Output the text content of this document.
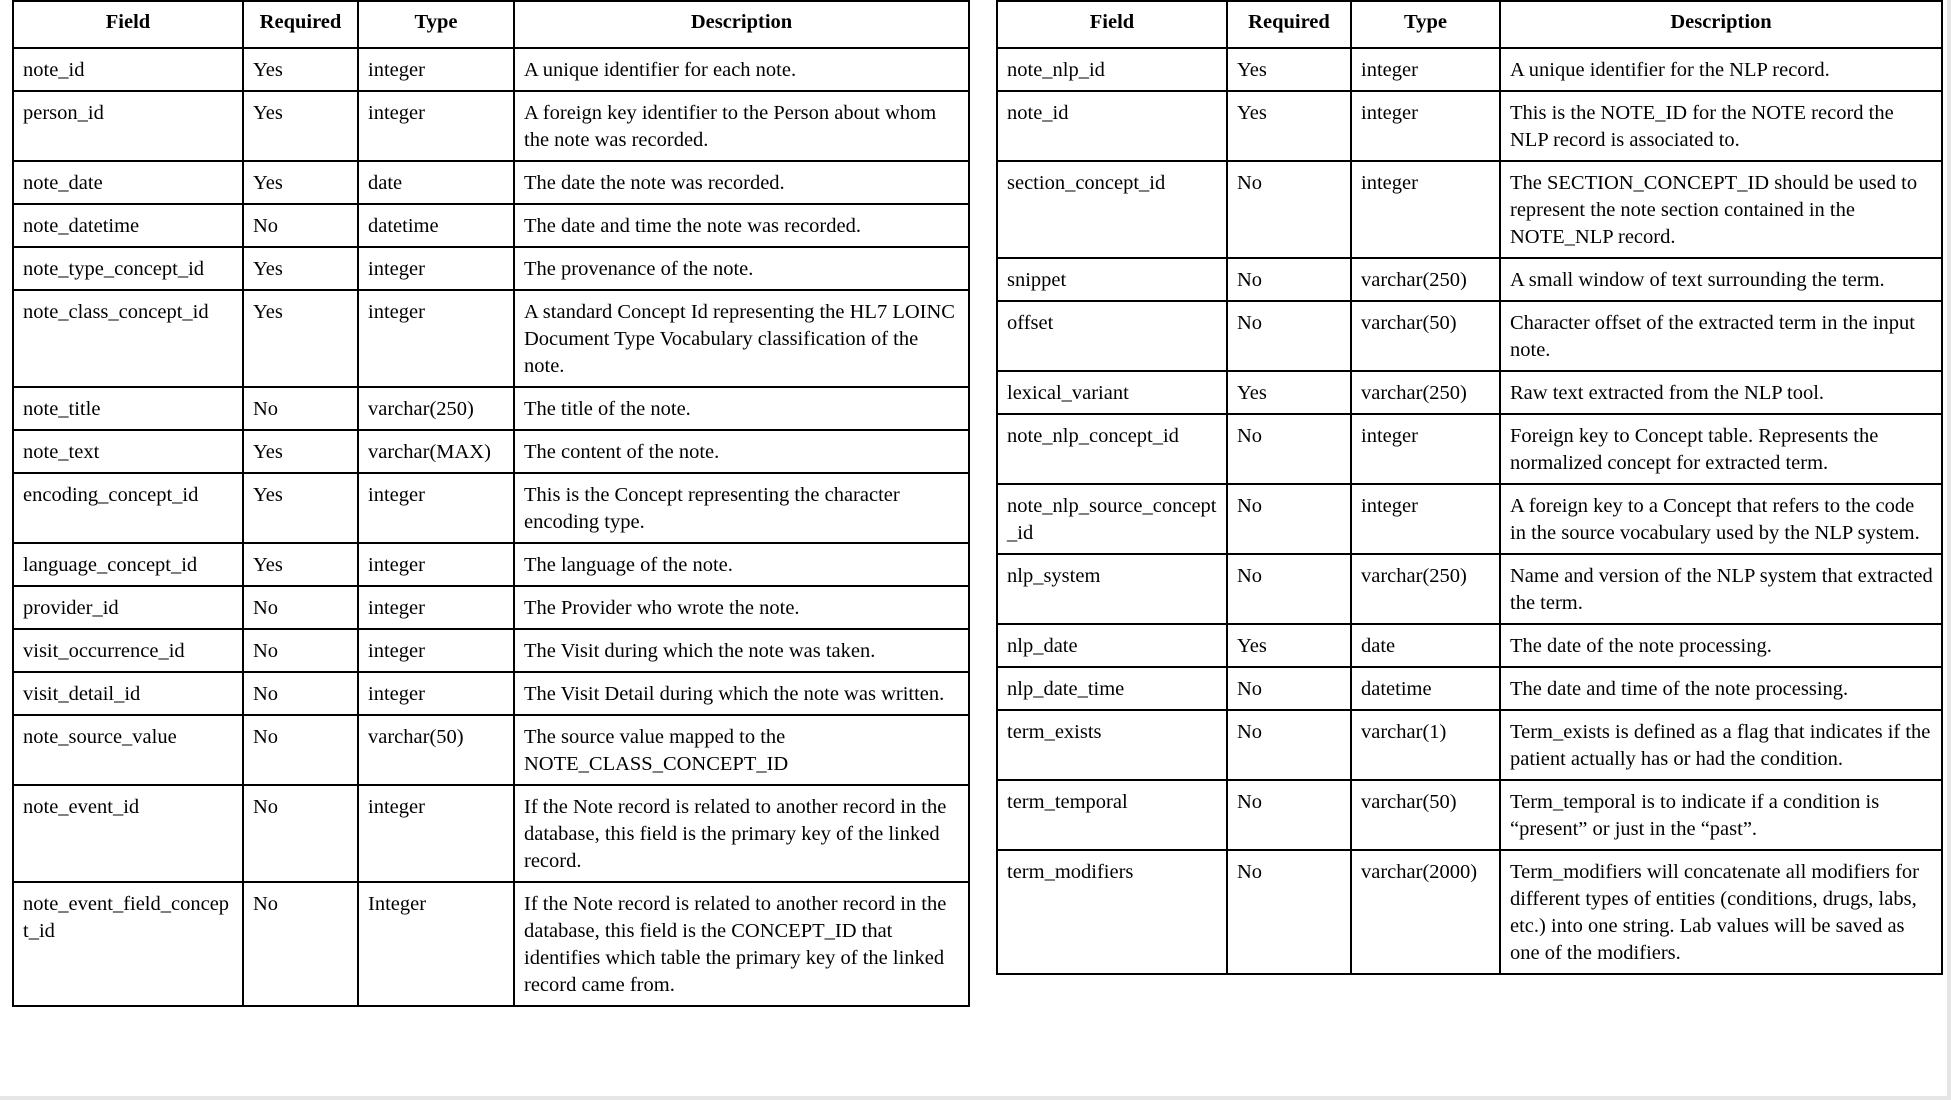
Field	Required	Type	Description
note_id	Yes	integer	A unique identifier for each note.
person_id	Yes	integer	A foreign key identifier to the Person about whom the note was recorded.
note_date	Yes	date	The date the note was recorded.
note_datetime	No	datetime	The date and time the note was recorded.
note_type_concept_id	Yes	integer	The provenance of the note.
note_class_concept_id	Yes	integer	A standard Concept Id representing the HL7 LOINC Document Type Vocabulary classification of the note.
note_title	No	varchar(250)	The title of the note.
note_text	Yes	varchar(MAX)	The content of the note.
encoding_concept_id	Yes	integer	This is the Concept representing the character encoding type.
language_concept_id	Yes	integer	The language of the note.
provider_id	No	integer	The Provider who wrote the note.
visit_occurrence_id	No	integer	The Visit during which the note was taken.
visit_detail_id	No	integer	The Visit Detail during which the note was written.
note_source_value	No	varchar(50)	The source value mapped to the NOTE_CLASS_CONCEPT_ID
note_event_id	No	integer	If the Note record is related to another record in the database, this field is the primary key of the linked record.
note_event_field_concept_id	No	Integer	If the Note record is related to another record in the database, this field is the CONCEPT_ID that identifies which table the primary key of the linked record came from.
Field	Required	Type	Description
note_nlp_id	Yes	integer	A unique identifier for the NLP record.
note_id	Yes	integer	This is the NOTE_ID for the NOTE record the NLP record is associated to.
section_concept_id	No	integer	The SECTION_CONCEPT_ID should be used to represent the note section contained in the NOTE_NLP record.
snippet	No	varchar(250)	A small window of text surrounding the term.
offset	No	varchar(50)	Character offset of the extracted term in the input note.
lexical_variant	Yes	varchar(250)	Raw text extracted from the NLP tool.
note_nlp_concept_id	No	integer	Foreign key to Concept table. Represents the normalized concept for extracted term.
note_nlp_source_concept_id	No	integer	A foreign key to a Concept that refers to the code in the source vocabulary used by the NLP system.
nlp_system	No	varchar(250)	Name and version of the NLP system that extracted the term.
nlp_date	Yes	date	The date of the note processing.
nlp_date_time	No	datetime	The date and time of the note processing.
term_exists	No	varchar(1)	Term_exists is defined as a flag that indicates if the patient actually has or had the condition.
term_temporal	No	varchar(50)	Term_temporal is to indicate if a condition is “present” or just in the “past”.
term_modifiers	No	varchar(2000)	Term_modifiers will concatenate all modifiers for different types of entities (conditions, drugs, labs, etc.) into one string. Lab values will be saved as one of the modifiers.
